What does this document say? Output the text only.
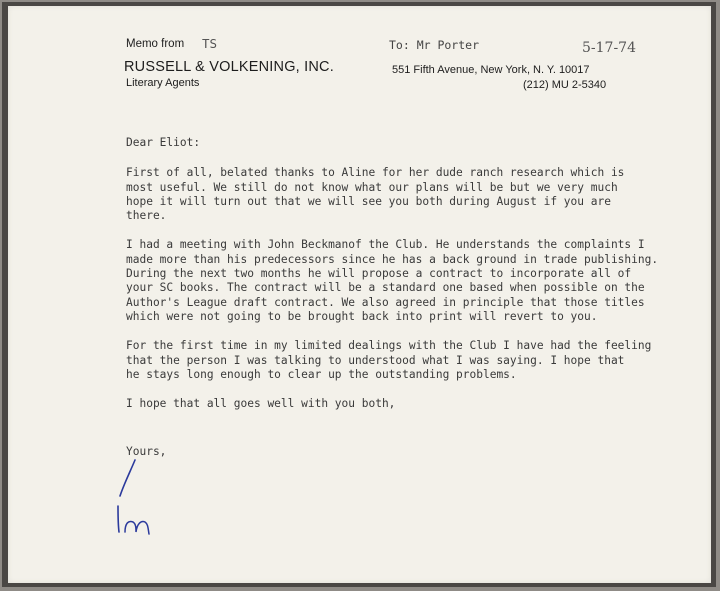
Memo from TS
RUSSELL & VOLKENING, INC.
Literary Agents
To: Mr Porter	5-17-74
551 Fifth Avenue, New York, N. Y. 10017
(212) MU 2-5340

Dear Eliot:

First of all, belated thanks to Aline for her dude ranch research which is
most useful. We still do not know what our plans will be but we very much
hope it will turn out that we will see you both during August if you are
there.

I had a meeting with John Beckmanof the Club. He understands the complaints I
made more than his predecessors since he has a back ground in trade publishing.
During the next two months he will propose a contract to incorporate all of
your SC books. The contract will be a standard one based when possible on the
Author's League draft contract. We also agreed in principle that those titles
which were not going to be brought back into print will revert to you.

For the first time in my limited dealings with the Club I have had the feeling
that the person I was talking to understood what I was saying. I hope that
he stays long enough to clear up the outstanding problems.

I hope that all goes well with you both,

Yours,
